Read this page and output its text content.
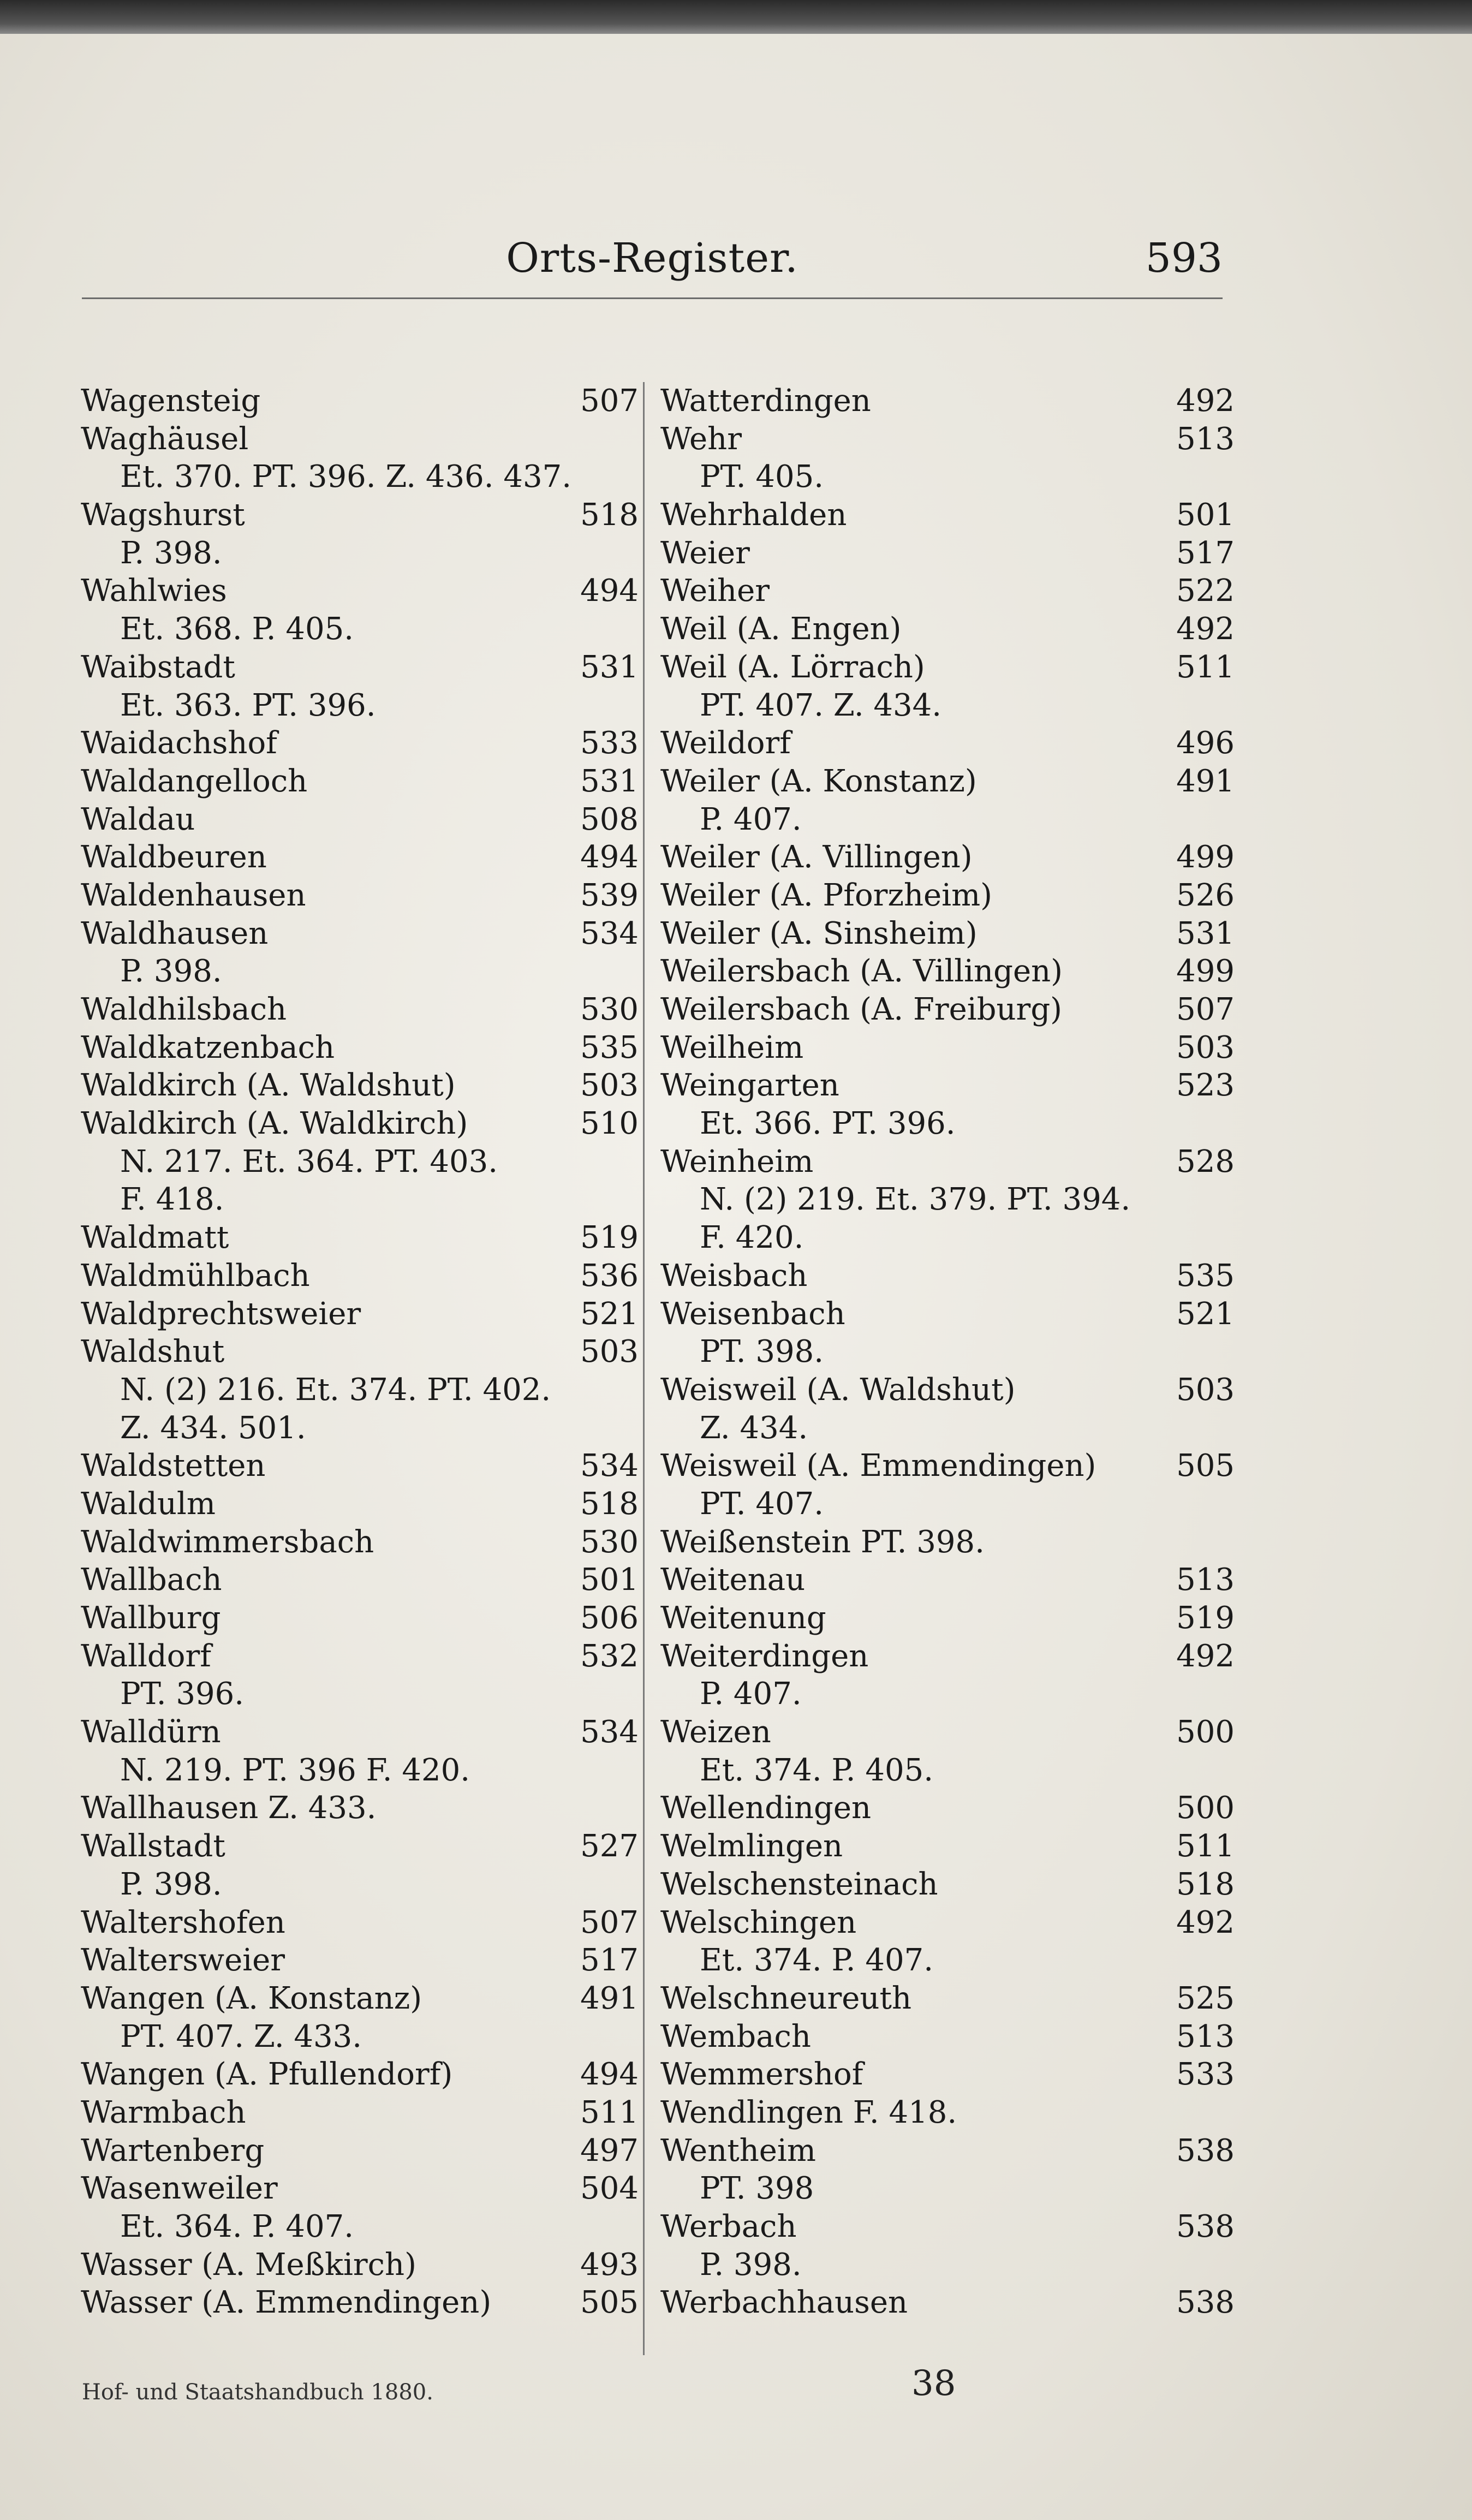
Orts-Register.	593
Wagensteig	507
Waghäusel
Et. 370. PT. 396. Z. 436. 437.
Wagshurst	518
P. 398.
Wahlwies	494
Et. 368. P. 405.
Waibstadt	531
Et. 363. PT. 396.
Waidachshof	533
Waldangelloch	531
Waldau	508
Waldbeuren	494
Waldenhausen	539
Waldhausen	534
P. 398.
Waldhilsbach	530
Waldkatzenbach	535
Waldkirch (A. Waldshut)	503
Waldkirch (A. Waldkirch)	510
N. 217. Et. 364. PT. 403.
F. 418.
Waldmatt	519
Waldmühlbach	536
Waldprechtsweier	521
Waldshut	503
N. (2) 216. Et. 374. PT. 402.
Z. 434. 501.
Waldstetten	534
Waldulm	518
Waldwimmersbach	530
Wallbach	501
Wallburg	506
Walldorf	532
PT. 396.
Walldürn	534
N. 219. PT. 396 F. 420.
Wallhausen Z. 433.
Wallstadt	527
P. 398.
Waltershofen	507
Waltersweier	517
Wangen (A. Konstanz)	491
PT. 407. Z. 433.
Wangen (A. Pfullendorf)	494
Warmbach	511
Wartenberg	497
Wasenweiler	504
Et. 364. P. 407.
Wasser (A. Meßkirch)	493
Wasser (A. Emmendingen)	505
Watterdingen	492
Wehr	513
PT. 405.
Wehrhalden	501
Weier	517
Weiher	522
Weil (A. Engen)	492
Weil (A. Lörrach)	511
PT. 407. Z. 434.
Weildorf	496
Weiler (A. Konstanz)	491
P. 407.
Weiler (A. Villingen)	499
Weiler (A. Pforzheim)	526
Weiler (A. Sinsheim)	531
Weilersbach (A. Villingen)	499
Weilersbach (A. Freiburg)	507
Weilheim	503
Weingarten	523
Et. 366. PT. 396.
Weinheim	528
N. (2) 219. Et. 379. PT. 394.
F. 420.
Weisbach	535
Weisenbach	521
PT. 398.
Weisweil (A. Waldshut)	503
Z. 434.
Weisweil (A. Emmendingen)	505
PT. 407.
Weißenstein PT. 398.
Weitenau	513
Weitenung	519
Weiterdingen	492
P. 407.
Weizen	500
Et. 374. P. 405.
Wellendingen	500
Welmlingen	511
Welschensteinach	518
Welschingen	492
Et. 374. P. 407.
Welschneureuth	525
Wembach	513
Wemmershof	533
Wendlingen F. 418.
Wentheim	538
PT. 398
Werbach	538
P. 398.
Werbachhausen	538
Hof- und Staatshandbuch 1880.	38
